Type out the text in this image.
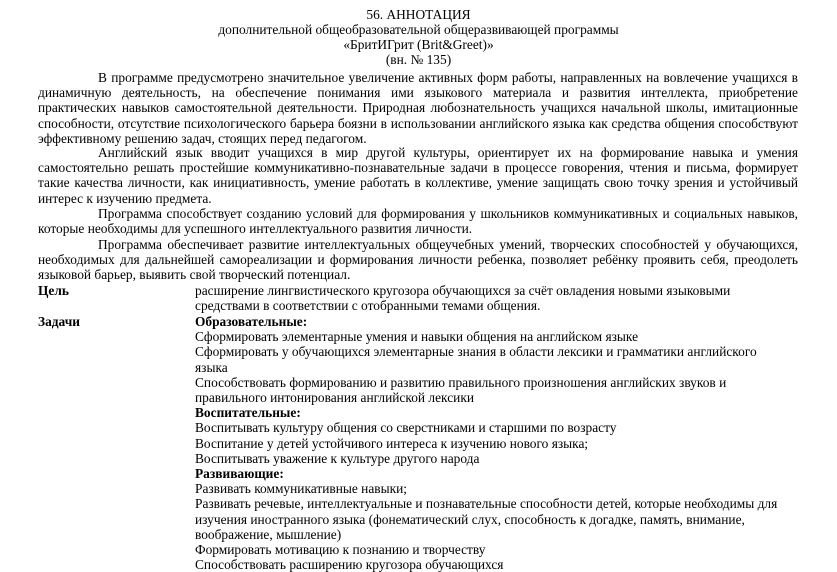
56. АННОТАЦИЯ
дополнительной общеобразовательной общеразвивающей программы
«БритИГрит (Brit&Greet)»
(вн. № 135)

В программе предусмотрено значительное увеличение активных форм работы, направленных на вовлечение учащихся в динамичную деятельность, на обеспечение понимания ими языкового материала и развития интеллекта, приобретение практических навыков самостоятельной деятельности. Природная любознательность учащихся начальной школы, имитационные способности, отсутствие психологического барьера боязни в использовании английского языка как средства общения способствуют эффективному решению задач, стоящих перед педагогом.

Английский язык вводит учащихся в мир другой культуры, ориентирует их на формирование навыка и умения самостоятельно решать простейшие коммуникативно-познавательные задачи в процессе говорения, чтения и письма, формирует такие качества личности, как инициативность, умение работать в коллективе, умение защищать свою точку зрения и устойчивый интерес к изучению предмета.

Программа способствует созданию условий для формирования у школьников коммуникативных и социальных навыков, которые необходимы для успешного интеллектуального развития личности.

Программа обеспечивает развитие интеллектуальных общеучебных умений, творческих способностей у обучающихся, необходимых для дальнейшей самореализации и формирования личности ребенка, позволяет ребёнку проявить себя, преодолеть языковой барьер, выявить свой творческий потенциал.

Цель	расширение лингвистического кругозора обучающихся за счёт овладения новыми языковыми средствами в соответствии с отобранными темами общения.
Задачи	Образовательные:

Сформировать элементарные умения и навыки общения на английском языке

Сформировать у обучающихся элементарные знания в области лексики и грамматики английского языка

Способствовать формированию и развитию правильного произношения английских звуков и правильного интонирования английской лексики

Воспитательные:

Воспитывать культуру общения со сверстниками и старшими по возрасту

Воспитание у детей устойчивого интереса к изучению нового языка;

Воспитывать уважение к культуре другого народа

Развивающие:

Развивать коммуникативные навыки;

Развивать речевые, интеллектуальные и познавательные способности детей, которые необходимы для изучения иностранного языка (фонематический слух, способность к догадке, память, внимание, воображение, мышление)

Формировать мотивацию к познанию и творчеству

Способствовать расширению кругозора обучающихся
